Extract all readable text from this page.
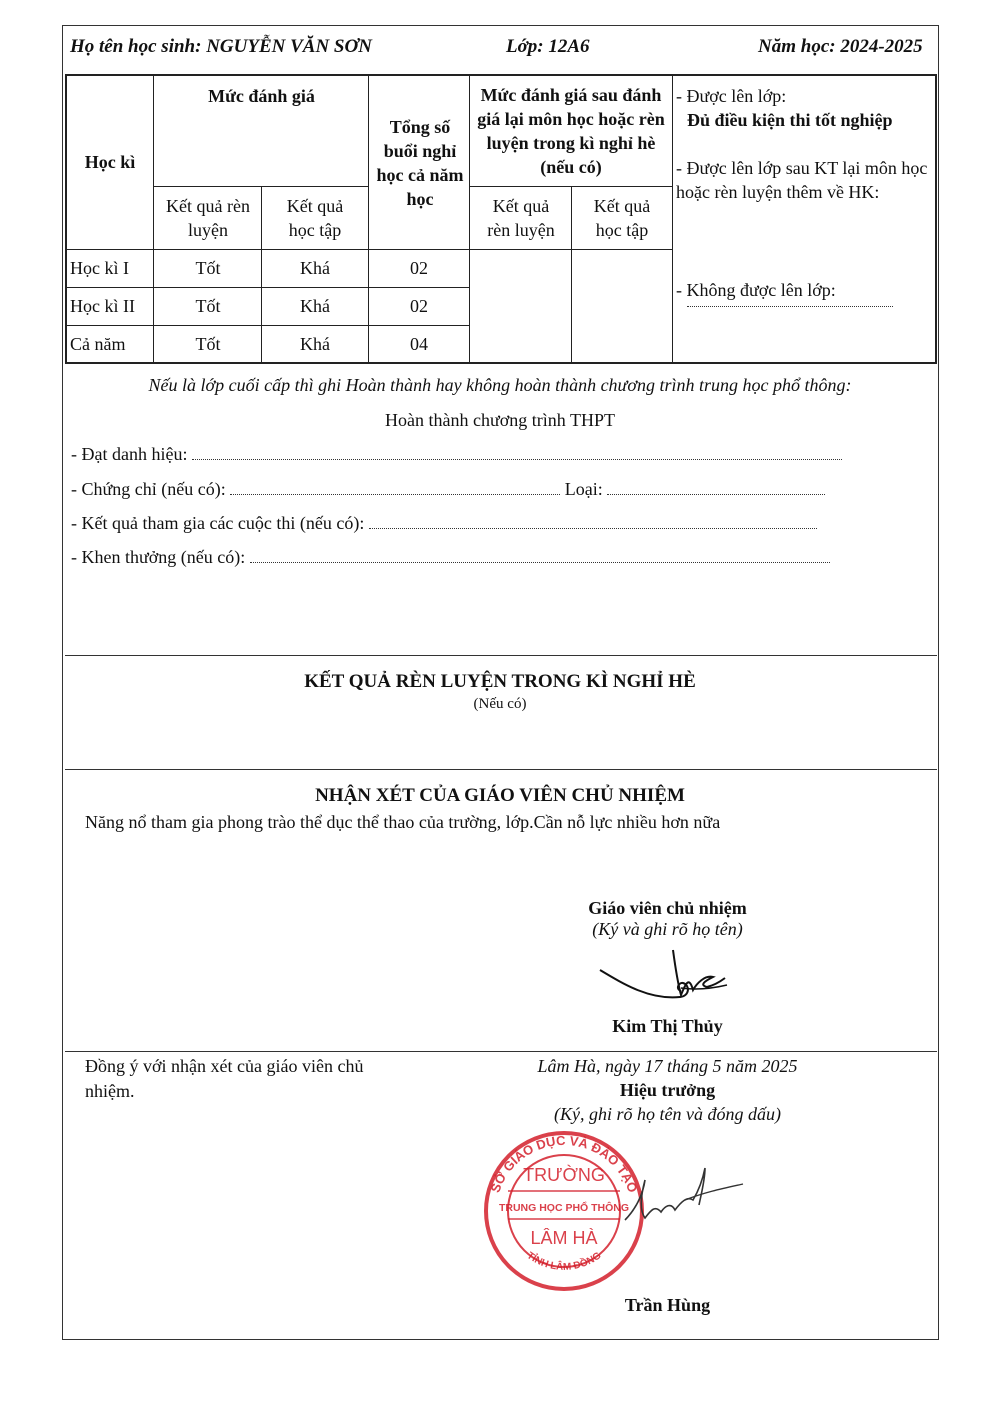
Họ tên học sinh: NGUYỄN VĂN SƠN	Lớp: 12A6	Năm học: 2024-2025
Học kì
Mức đánh giá
Kết quả rèn luyện
Kết quả học tập
Tổng số buổi nghỉ học cả năm học
Mức đánh giá sau đánh giá lại môn học hoặc rèn luyện trong kì nghỉ hè (nếu có)
Kết quả rèn luyện
Kết quả học tập
Học kì I	Tốt	Khá	02
Học kì II	Tốt	Khá	02
Cả năm	Tốt	Khá	04
- Được lên lớp:
Đủ điều kiện thi tốt nghiệp
- Được lên lớp sau KT lại môn học hoặc rèn luyện thêm về HK:
- Không được lên lớp:
Nếu là lớp cuối cấp thì ghi Hoàn thành hay không hoàn thành chương trình trung học phổ thông:
Hoàn thành chương trình THPT
- Đạt danh hiệu:
- Chứng chỉ (nếu có):	Loại:
- Kết quả tham gia các cuộc thi (nếu có):
- Khen thưởng (nếu có):
KẾT QUẢ RÈN LUYỆN TRONG KÌ NGHỈ HÈ
(Nếu có)
NHẬN XÉT CỦA GIÁO VIÊN CHỦ NHIỆM
Năng nổ tham gia phong trào thể dục thể thao của trường, lớp.Cần nỗ lực nhiều hơn nữa
Giáo viên chủ nhiệm
(Ký và ghi rõ họ tên)
Kim Thị Thủy
Đồng ý với nhận xét của giáo viên chủ nhiệm.
Lâm Hà, ngày 17 tháng 5 năm 2025
Hiệu trưởng
(Ký, ghi rõ họ tên và đóng dấu)
SỞ GIÁO DỤC VÀ ĐÀO TẠO
TỈNH LÂM ĐỒNG
TRƯỜNG
TRUNG HỌC PHỔ THÔNG
LÂM HÀ
Trần Hùng
